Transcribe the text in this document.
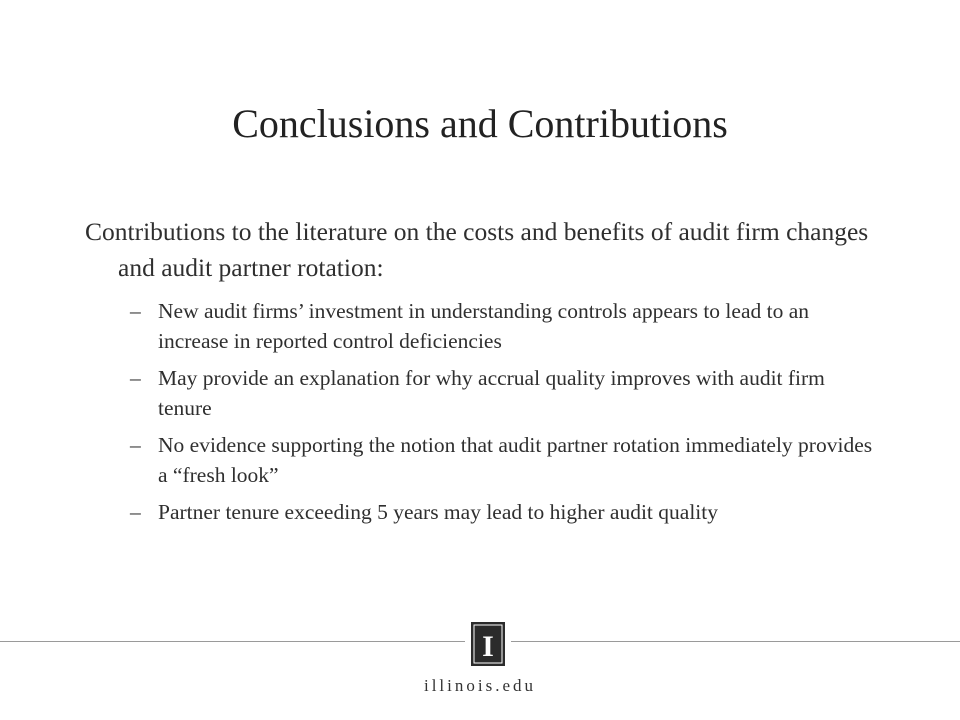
Conclusions and Contributions

Contributions to the literature on the costs and benefits of audit firm changes and audit partner rotation:

– New audit firms’ investment in understanding controls appears to lead to an increase in reported control deficiencies
– May provide an explanation for why accrual quality improves with audit firm tenure
– No evidence supporting the notion that audit partner rotation immediately provides a “fresh look”
– Partner tenure exceeding 5 years may lead to higher audit quality
I
illinois.edu
